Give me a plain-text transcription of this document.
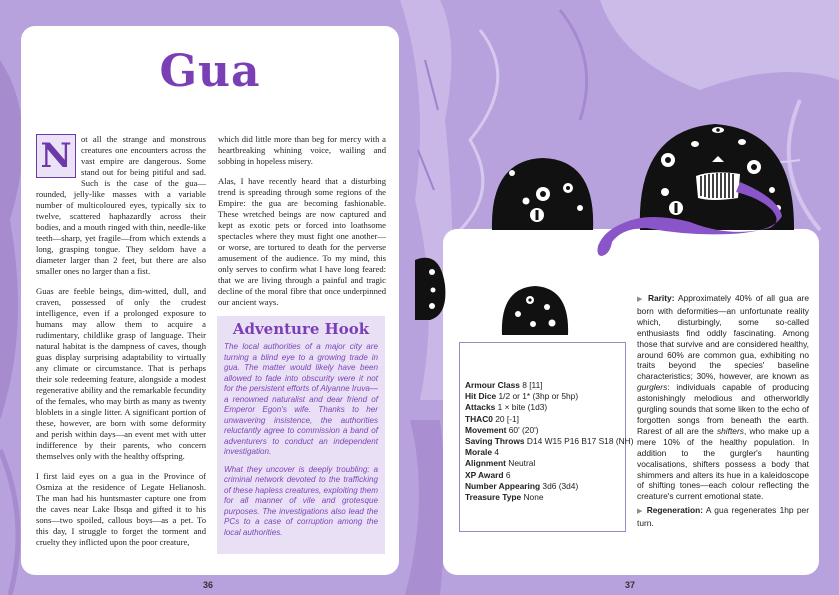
Gua

N	ot all the strange and monstrous creatures one encounters across the vast empire are dangerous. Some stand out for being pitiful and sad. Such is the case of the gua—rounded, jelly-like masses with a variable number of multicoloured eyes, typically six to twelve, scattered haphazardly across their bodies, and a mouth ringed with thin, needle-like teeth—sharp, yet fragile—from which extends a long, grasping tongue. They seldom have a diameter larger than 2 feet, but there are also smaller ones no larger than a fist.

Guas are feeble beings, dim-witted, dull, and craven, possessed of only the crudest intelligence, even if a prolonged exposure to humans may allow them to acquire a rudimentary, childlike grasp of language. Their natural habitat is the dampness of caves, though guas display surprising adaptability to virtually any climate or circumstance. That is perhaps their sole redeeming feature, alongside a modest regenerative ability and the remarkable fecundity of the females, who may birth as many as twenty bloblets in a single litter. A significant portion of these, however, are born with some deformity and perish within days—an event met with utter indifference by their parents, who concern themselves only with the healthy offspring.

I first laid eyes on a gua in the Province of Osmiza at the residence of Legate Helianosh. The man had his huntsmaster capture one from the caves near Lake Ibsqa and gifted it to his sons—two spoiled, callous boys—as a pet. To this day, I struggle to forget the torment and cruelty they inflicted upon the poor creature,

which did little more than beg for mercy with a heartbreaking whining voice, wailing and sobbing in hopeless misery.

Alas, I have recently heard that a disturbing trend is spreading through some regions of the Empire: the gua are becoming fashionable. These wretched beings are now captured and kept as exotic pets or forced into loathsome spectacles where they must fight one another—or worse, are tortured to death for the perverse amusement of the audience. To my mind, this only serves to confirm what I have long feared: that we are living through a painful and tragic decline of the moral fibre that once underpinned our ancient ways.

Adventure Hook

The local authorities of a major city are turning a blind eye to a growing trade in gua. The matter would likely have been allowed to fade into obscurity were it not for the persistent efforts of Alyanne Iruva—a renowned naturalist and dear friend of Emperor Egon's wife. Thanks to her unwavering insistence, the authorities reluctantly agree to commission a band of adventurers to conduct an independent investigation.

What they uncover is deeply troubling: a criminal network devoted to the trafficking of these hapless creatures, exploiting them for all manner of vile and grotesque purposes. The investigations also lead the PCs to a case of corruption among the local authorities.

36	37
Armour Class 8 [11]
Hit Dice 1/2 or 1* (3hp or 5hp)
Attacks 1 × bite (1d3)
THAC0 20 [-1]
Movement 60' (20')
Saving Throws D14 W15 P16 B17 S18 (NH)
Morale 4
Alignment Neutral
XP Award 6
Number Appearing 3d6 (3d4)
Treasure Type None

▶ Rarity: Approximately 40% of all gua are born with deformities—an unfortunate reality which, disturbingly, some so-called enthusiasts find oddly fascinating. Among those that survive and are considered healthy, around 60% are common gua, exhibiting no traits beyond the species' baseline characteristics; 30%, however, are known as gurglers: individuals capable of producing astonishingly melodious and otherworldly gurgling sounds that some liken to the echo of forgotten songs from beneath the earth. Rarest of all are the shifters, who make up a mere 10% of the healthy population. In addition to the gurgler's haunting vocalisations, shifters possess a body that shimmers and alters its hue in a kaleidoscope of shifting tones—each colour reflecting the creature's current emotional state.

▶ Regeneration: A gua regenerates 1hp per turn.
